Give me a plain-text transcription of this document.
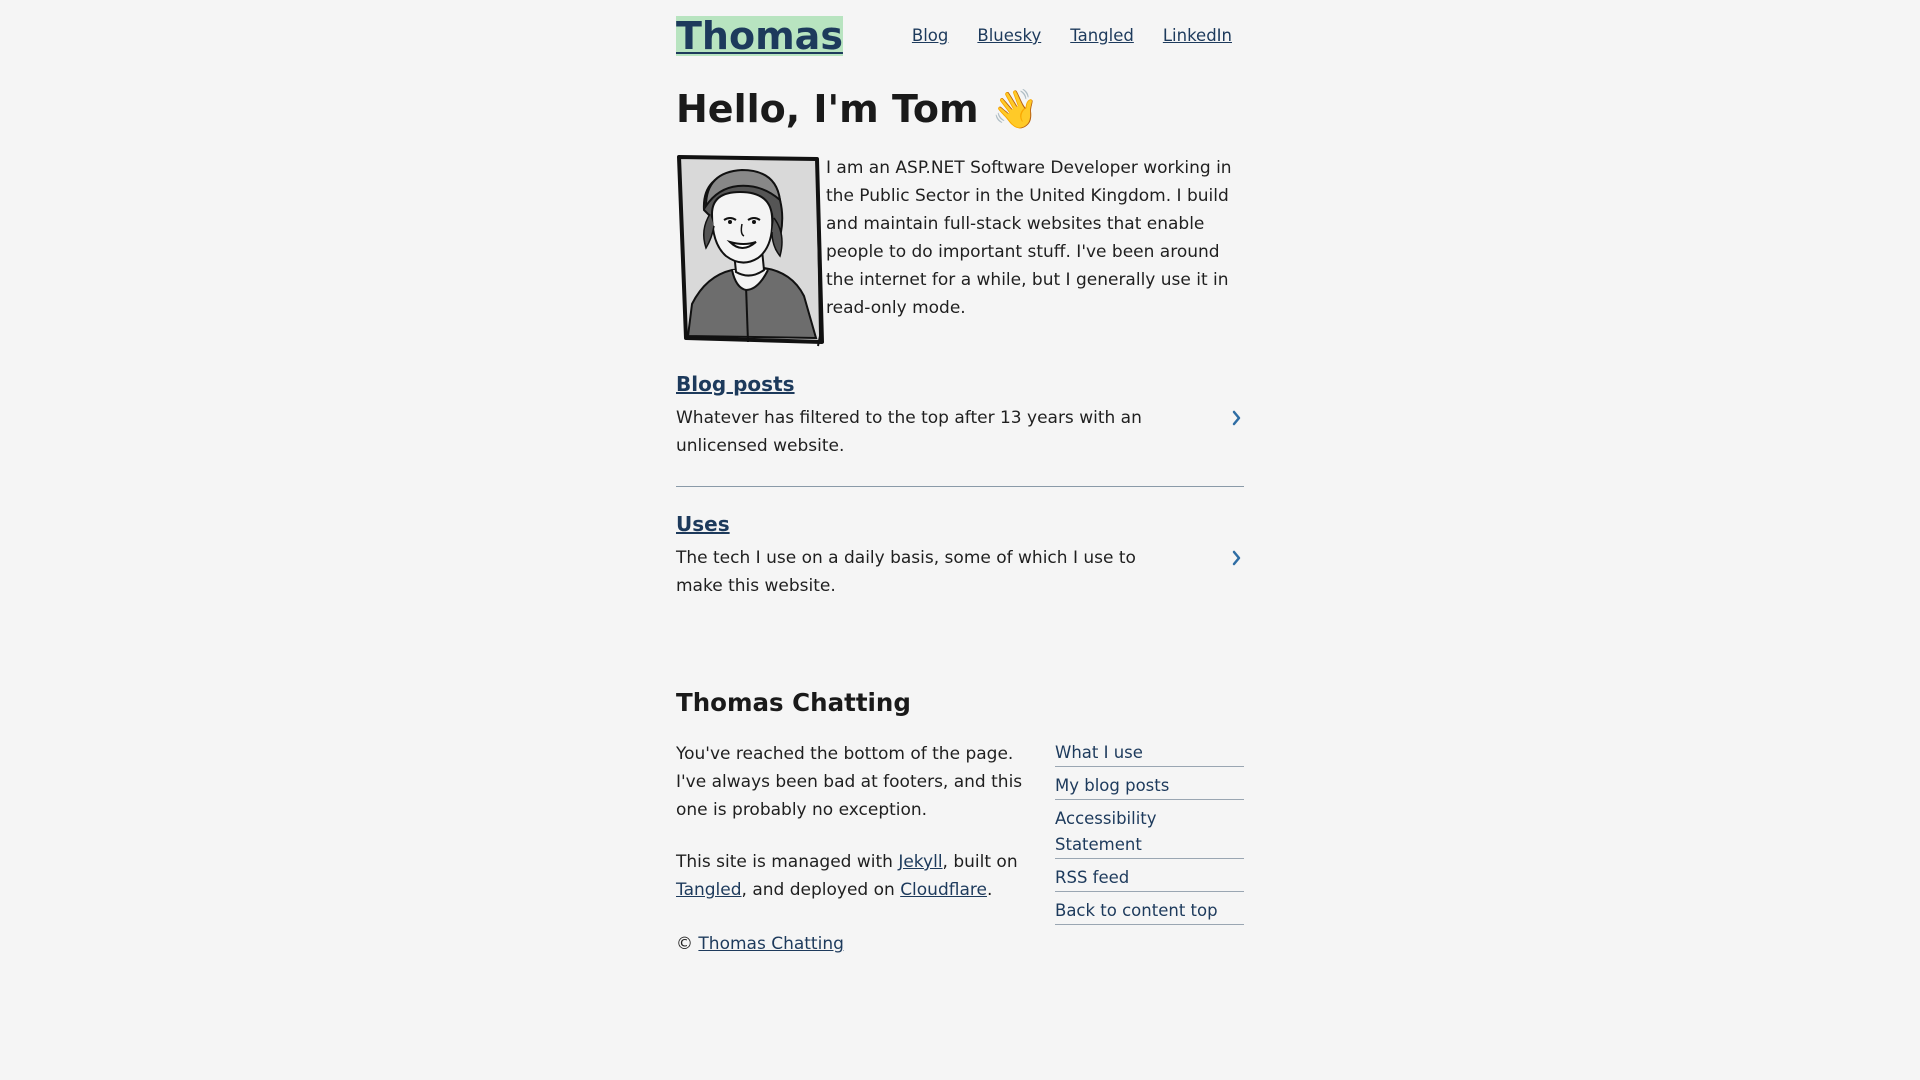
Thomas	Blog Bluesky Tangled LinkedIn
Hello, I'm Tom 👋
I am an ASP.NET Software Developer working in the Public Sector in the United Kingdom. I build and maintain full-stack websites that enable people to do important stuff. I've been around the internet for a while, but I generally use it in read-only mode.
Blog posts

Whatever has filtered to the top after 13 years with an unlicensed website.

Uses

The tech I use on a daily basis, some of which I use to make this website.

Thomas Chatting

You've reached the bottom of the page.
I've always been bad at footers, and this one is probably no exception.

This site is managed with Jekyll, built on
Tangled, and deployed on Cloudflare.

© Thomas Chatting

What I use
My blog posts
Accessibility Statement
RSS feed
Back to content top
